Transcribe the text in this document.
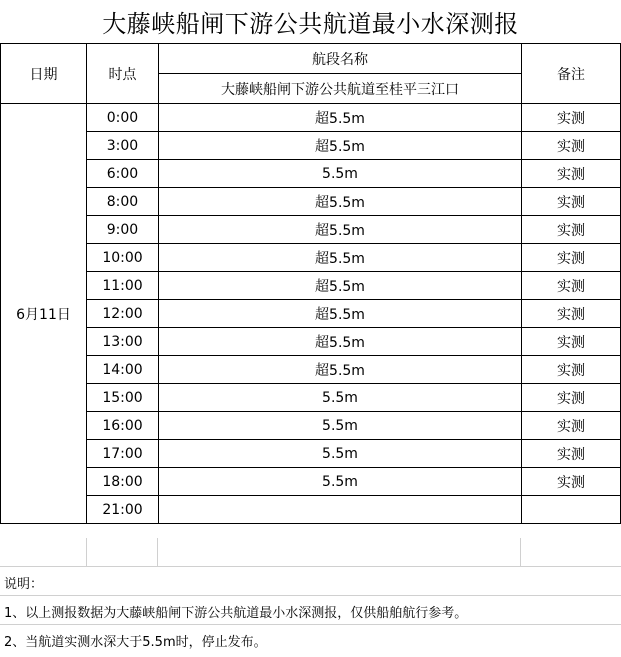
大藤峡船闸下游公共航道最小水深测报
日期	时点	航段名称	备注
		大藤峡船闸下游公共航道至桂平三江口	
6月11日	0:00	超5.5m	实测
	3:00	超5.5m	实测
	6:00	5.5m	实测
	8:00	超5.5m	实测
	9:00	超5.5m	实测
	10:00	超5.5m	实测
	11:00	超5.5m	实测
	12:00	超5.5m	实测
	13:00	超5.5m	实测
	14:00	超5.5m	实测
	15:00	5.5m	实测
	16:00	5.5m	实测
	17:00	5.5m	实测
	18:00	5.5m	实测
	21:00		
说明：
1、以上测报数据为大藤峡船闸下游公共航道最小水深测报，仅供船舶航行参考。
2、当航道实测水深大于5.5m时，停止发布。
